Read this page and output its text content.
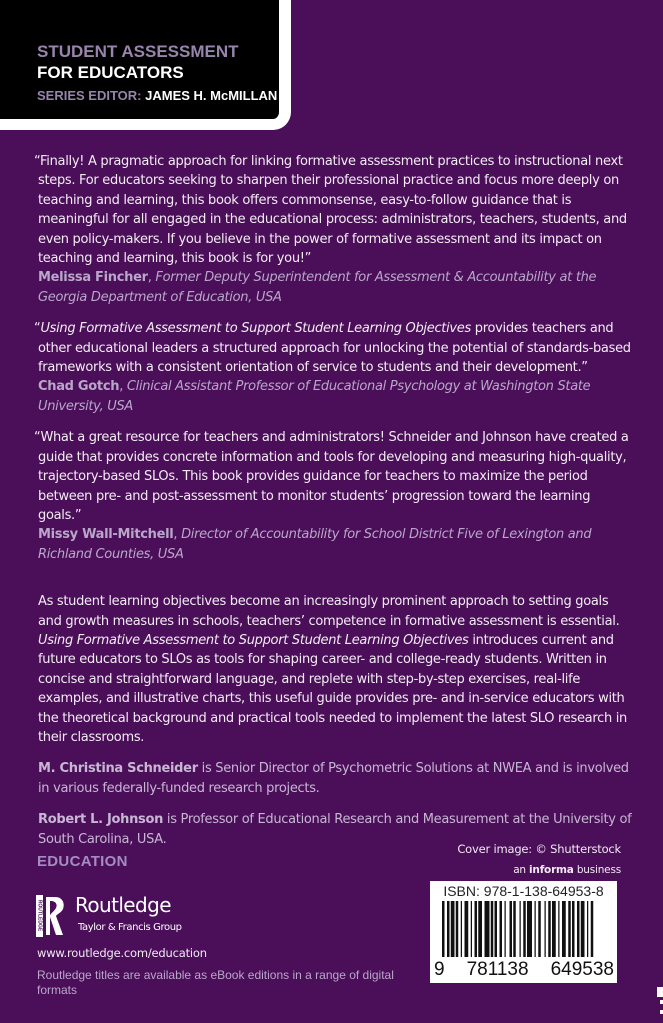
STUDENT ASSESSMENT
FOR EDUCATORS
SERIES EDITOR: JAMES H. McMILLAN

“Finally! A pragmatic approach for linking formative assessment practices to instructional next steps. For educators seeking to sharpen their professional practice and focus more deeply on teaching and learning, this book offers commonsense, easy-to-follow guidance that is meaningful for all engaged in the educational process: administrators, teachers, students, and even policy-makers. If you believe in the power of formative assessment and its impact on teaching and learning, this book is for you!”

Melissa Fincher, Former Deputy Superintendent for Assessment & Accountability at the Georgia Department of Education, USA

“Using Formative Assessment to Support Student Learning Objectives provides teachers and other educational leaders a structured approach for unlocking the potential of standards-based frameworks with a consistent orientation of service to students and their development.”

Chad Gotch, Clinical Assistant Professor of Educational Psychology at Washington State University, USA

“What a great resource for teachers and administrators! Schneider and Johnson have created a guide that provides concrete information and tools for developing and measuring high-quality, trajectory-based SLOs. This book provides guidance for teachers to maximize the period between pre- and post-assessment to monitor students’ progression toward the learning goals.”

Missy Wall-Mitchell, Director of Accountability for School District Five of Lexington and Richland Counties, USA

As student learning objectives become an increasingly prominent approach to setting goals and growth measures in schools, teachers’ competence in formative assessment is essential. Using Formative Assessment to Support Student Learning Objectives introduces current and future educators to SLOs as tools for shaping career- and college-ready students. Written in concise and straightforward language, and replete with step-by-step exercises, real-life examples, and illustrative charts, this useful guide provides pre- and in-service educators with the theoretical background and practical tools needed to implement the latest SLO research in their classrooms.

M. Christina Schneider is Senior Director of Psychometric Solutions at NWEA and is involved in various federally-funded research projects.

Robert L. Johnson is Professor of Educational Research and Measurement at the University of South Carolina, USA.

EDUCATION
ROUTLEDGE Routledge
Taylor & Francis Group
www.routledge.com/education
Routledge titles are available as eBook editions in a range of digital formats
Cover image: © Shutterstock
an informa business
ISBN: 978-1-138-64953-8
9 781138 649538
